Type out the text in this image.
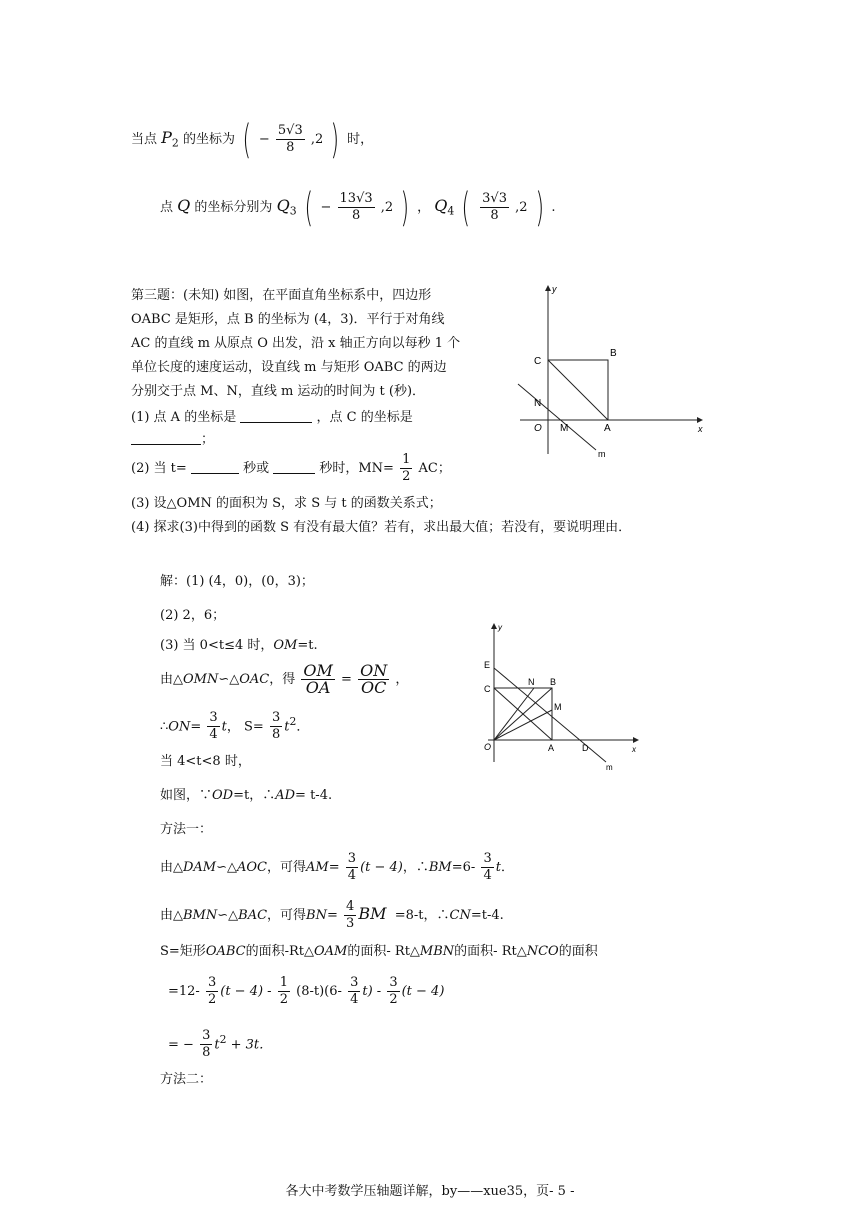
当点 $P_2$ 的坐标为 ( − $\frac{5√3}{8} ,2$ ) 时，
点 Q 的坐标分别为 $Q_3$ ( − $\frac{13√3}{8} ,2$ ) ， $Q_4$ ( $\frac{3√3}{8} ,2$ ) .
第三题：(未知) 如图，在平面直角坐标系中，四边形
OABC 是矩形，点 B 的坐标为 (4，3)．平行于对角线
AC 的直线 m 从原点 O 出发，沿 x 轴正方向以每秒 1 个
单位长度的速度运动，设直线 m 与矩形 OABC 的两边
分别交于点 M、N，直线 m 运动的时间为 t (秒)．
(1) 点 A 的坐标是	，点 C 的坐标是
；
(2) 当 t=	秒或	秒时，$MN= \frac{1}{2}$ AC；
(3) 设△OMN 的面积为 S，求 S 与 t 的函数关系式；
(4) 探求(3)中得到的函数 S 有没有最大值？若有，求出最大值；若没有，要说明理由．
y
B
C
N
O M	A	x
m
解：(1) (4，0)，(0，3)；
(2) 2，6；
(3) 当 0<t≤4 时，OM=t.
由△OMN∽△OAC，得 $\frac{OM}{OA} = \frac{ON}{OC}$ ，
∴ON= $\frac{3}{4}$ t， $S= \frac{3}{8} t^2$．
当 4<t<8 时，
如图，∵OD=t，∴AD= t-4.
方法一：
由△DAM∽△AOC，可得$AM= \frac{3}{4} (t - 4)$，∴BM=6- $\frac{3}{4}$ t．
由△BMN∽△BAC，可得$BN= \frac{4}{3}$ BM =8-t，∴CN=t-4.
S=矩形OABC的面积-Rt△OAM的面积- Rt△MBN的面积- Rt△NCO的面积
$=12- \frac{3}{2} (t - 4) - \frac{1}{2} (8-t)(6- \frac{3}{4} t) - \frac{3}{2} (t - 4)$
= − $\frac{3}{8} t^2 + 3t$．
方法二：
y
E
C
N B
M
O	A	D	x
m
各大中考数学压轴题详解，by——xue35，页- 5 -
